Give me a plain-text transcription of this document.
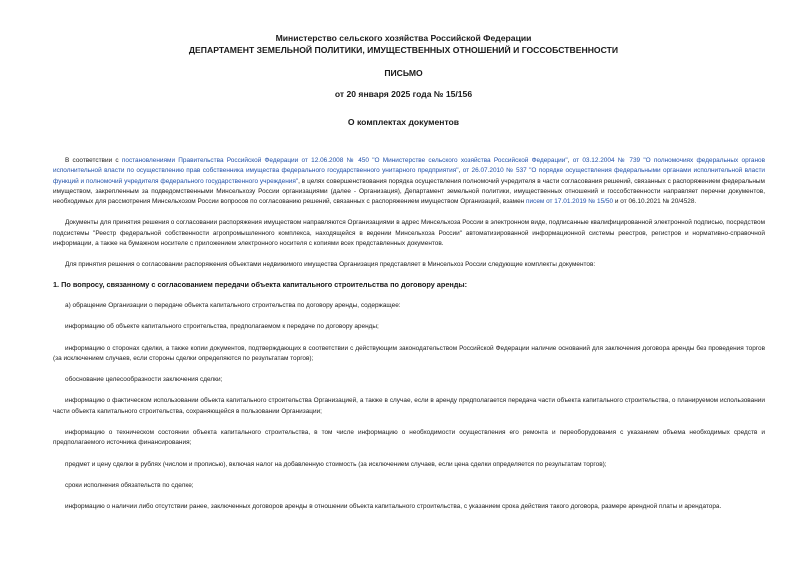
Министерство сельского хозяйства Российской Федерации
ДЕПАРТАМЕНТ ЗЕМЕЛЬНОЙ ПОЛИТИКИ, ИМУЩЕСТВЕННЫХ ОТНОШЕНИЙ И ГОССОБСТВЕННОСТИ
ПИСЬМО
от 20 января 2025 года № 15/156
О комплектах документов

В соответствии с постановлениями Правительства Российской Федерации от 12.06.2008 № 450 "О Министерстве сельского хозяйства Российской Федерации", от 03.12.2004 № 739 "О полномочиях федеральных органов исполнительной власти по осуществлению прав собственника имущества федерального государственного унитарного предприятия", от 26.07.2010 № 537 "О порядке осуществления федеральными органами исполнительной власти функций и полномочий учредителя федерального государственного учреждения", в целях совершенствования порядка осуществления полномочий учредителя в части согласования решений, связанных с распоряжением федеральным имуществом, закрепленным за подведомственными Минсельхозу России организациями (далее - Организация), Департамент земельной политики, имущественных отношений и госсобственности направляет перечни документов, необходимых для рассмотрения Минсельхозом России вопросов по согласованию решений, связанных с распоряжением имуществом Организаций, взамен писем от 17.01.2019 № 15/50 и от 06.10.2021 № 20/4528.

Документы для принятия решения о согласовании распоряжения имуществом направляются Организациями в адрес Минсельхоза России в электронном виде, подписанные квалифицированной электронной подписью, посредством подсистемы "Реестр федеральной собственности агропромышленного комплекса, находящейся в ведении Минсельхоза России" автоматизированной информационной системы реестров, регистров и нормативно-справочной информации, а также на бумажном носителе с приложением электронного носителя с копиями всех представленных документов.

Для принятия решения о согласовании распоряжения объектами недвижимого имущества Организация представляет в Минсельхоз России следующие комплекты документов:

1. По вопросу, связанному с согласованием передачи объекта капитального строительства по договору аренды:

а) обращение Организации о передаче объекта капитального строительства по договору аренды, содержащее:

информацию об объекте капитального строительства, предполагаемом к передаче по договору аренды;

информацию о сторонах сделки, а также копии документов, подтверждающих в соответствии с действующим законодательством Российской Федерации наличие оснований для заключения договора аренды без проведения торгов (за исключением случаев, если стороны сделки определяются по результатам торгов);

обоснование целесообразности заключения сделки;

информацию о фактическом использовании объекта капитального строительства Организацией, а также в случае, если в аренду предполагается передача части объекта капитального строительства, о планируемом использовании части объекта капитального строительства, сохраняющейся в пользовании Организации;

информацию о техническом состоянии объекта капитального строительства, в том числе информацию о необходимости осуществления его ремонта и переоборудования с указанием объема необходимых средств и предполагаемого источника финансирования;

предмет и цену сделки в рублях (числом и прописью), включая налог на добавленную стоимость (за исключением случаев, если цена сделки определяется по результатам торгов);

сроки исполнения обязательств по сделке;

информацию о наличии либо отсутствии ранее, заключенных договоров аренды в отношении объекта капитального строительства, с указанием срока действия такого договора, размере арендной платы и арендатора.
